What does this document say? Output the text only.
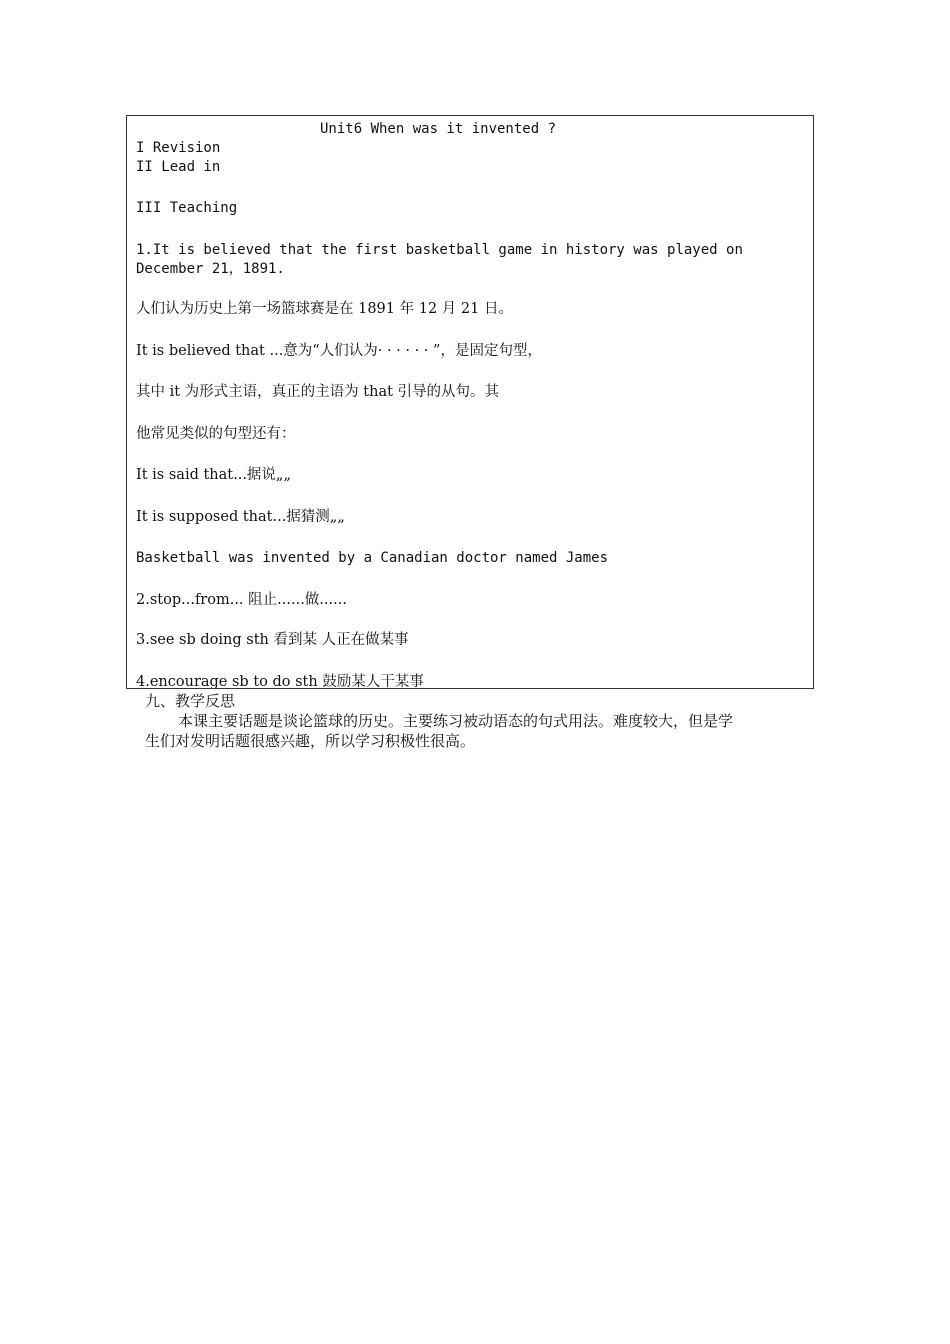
Unit6 When was it invented ?
I Revision
II Lead in
III Teaching
1.It is believed that the first basketball game in history was played on
December 21，1891.
人们认为历史上第一场篮球赛是在 1891 年 12 月 21 日。
It is believed that ...意为“人们认为· · · · · · ”，是固定句型，
其中 it 为形式主语，真正的主语为 that 引导的从句。其
他常见类似的句型还有：
It is said that...据说„„
It is supposed that...据猜测„„
Basketball was invented by a Canadian doctor named James
2.stop...from... 阻止......做......
3.see sb doing sth 看到某 人正在做某事
4.encourage sb to do sth 鼓励某人干某事
九、教学反思
本课主要话题是谈论篮球的历史。主要练习被动语态的句式用法。难度较大，但是学
生们对发明话题很感兴趣，所以学习积极性很高。
